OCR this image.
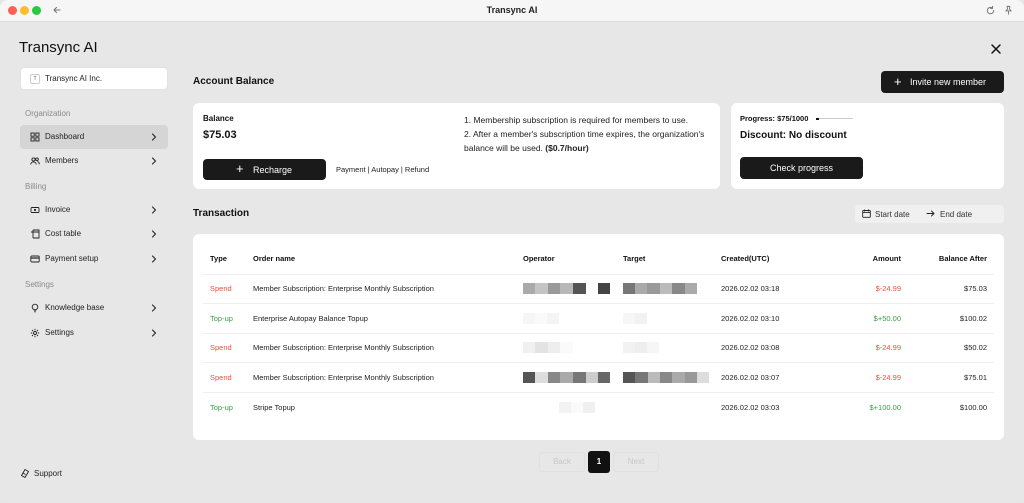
Transync AI
Transync AI
T	Transync AI Inc.
Organization
Dashboard
Members
Billing
Invoice
Cost table
Payment setup
Settings
Knowledge base
Settings
Support
Account Balance	+ Invite new member
Balance
$75.03
+ Recharge	Payment | Autopay | Refund
1. Membership subscription is required for members to use.
2. After a member's subscription time expires, the organization's balance will be used. ($0.7/hour)
Progress: $75/1000
Discount: No discount
Check progress
Transaction	Start date	End date
Type	Order name	Operator	Target	Created(UTC)	Amount	Balance After
Spend	Member Subscription: Enterprise Monthly Subscription			2026.02.02 03:18	$-24.99	$75.03
Top-up	Enterprise Autopay Balance Topup			2026.02.02 03:10	$+50.00	$100.02
Spend	Member Subscription: Enterprise Monthly Subscription			2026.02.02 03:08	$-24.99	$50.02
Spend	Member Subscription: Enterprise Monthly Subscription			2026.02.02 03:07	$-24.99	$75.01
Top-up	Stripe Topup			2026.02.02 03:03	$+100.00	$100.00
Back	1	Next
